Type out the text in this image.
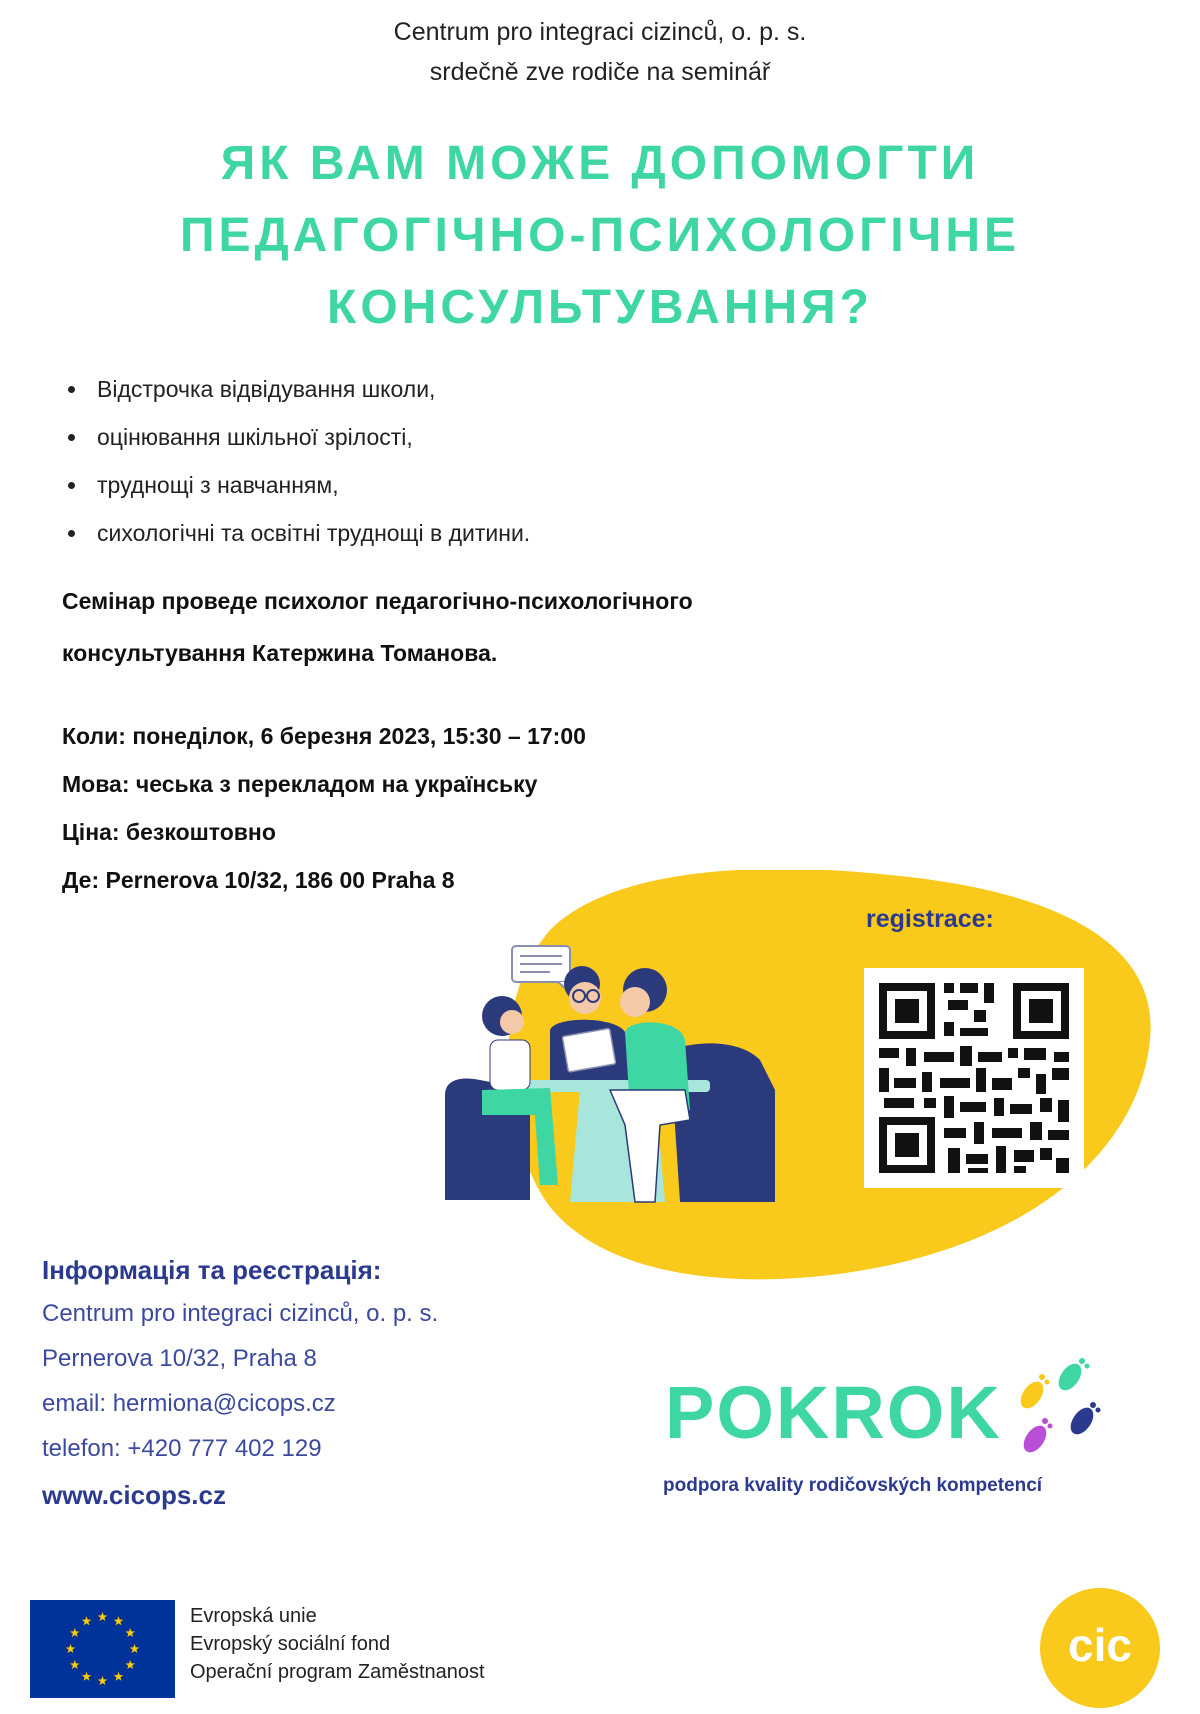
Centrum pro integraci cizinců, o. p. s.
srdečně zve rodiče na seminář
ЯК ВАМ МОЖЕ ДОПОМОГТИ
ПЕДАГОГІЧНО-ПСИХОЛОГІЧНЕ
КОНСУЛЬТУВАННЯ?
Відстрочка відвідування школи,
оцінювання шкільної зрілості,
труднощі з навчанням,
сихологічні та освітні труднощі в дитини.
Семінар проведе психолог педагогічно-психологічного
консультування Катержина Томанова.
Коли: понеділок, 6 березня 2023, 15:30 – 17:00
Мова: чеська з перекладом на українську
Ціна: безкоштовно
Де: Pernerova 10/32, 186 00 Praha 8
registrace:
Інформація та реєстрація:
Centrum pro integraci cizinců, o. p. s.
Pernerova 10/32, Praha 8
email: hermiona@cicops.cz
telefon: +420 777 402 129
www.cicops.cz
POKROK
podpora kvality rodičovských kompetencí
Evropská unie
Evropský sociální fond
Operační program Zaměstnanost
cic
